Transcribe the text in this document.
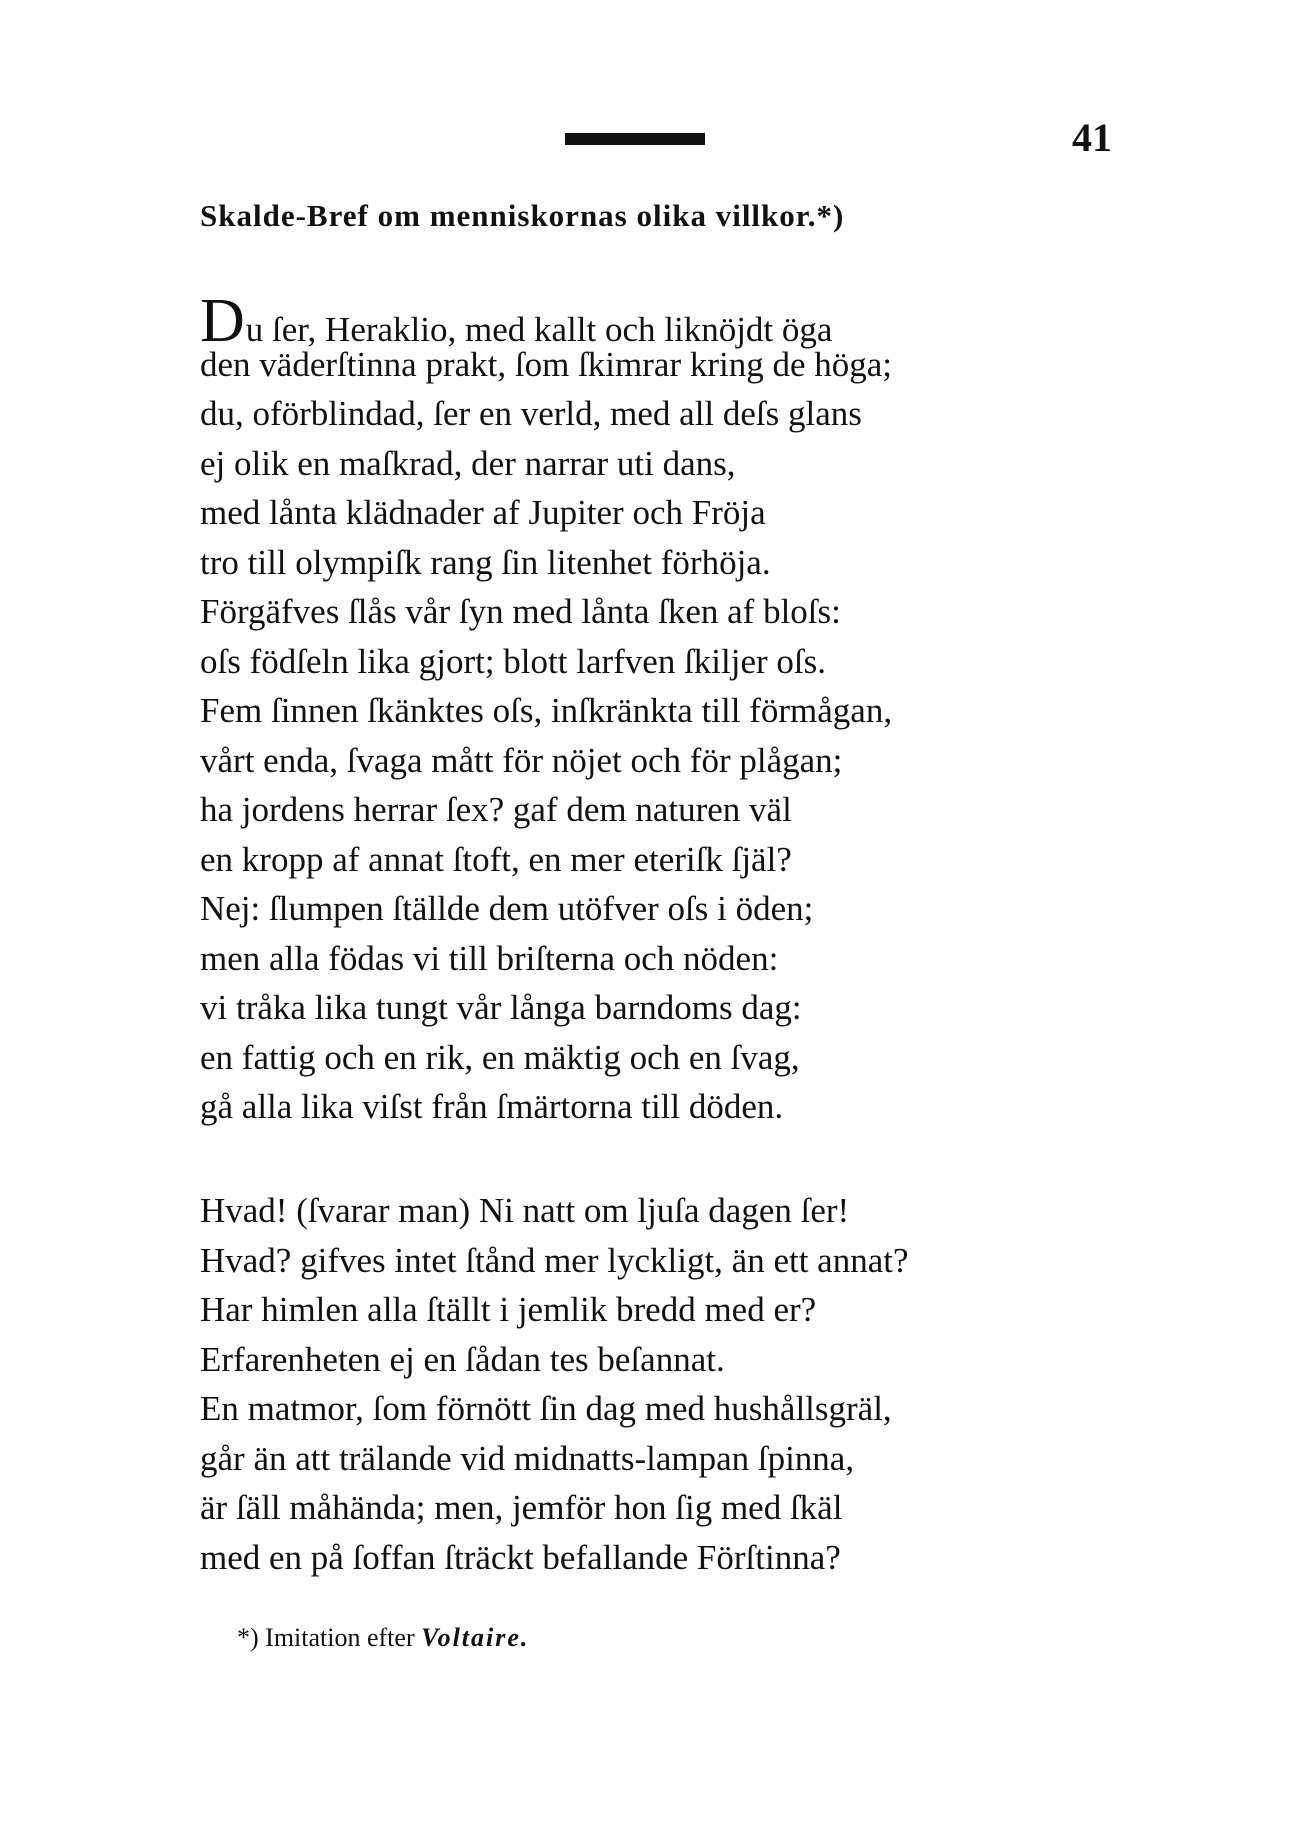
41
Skalde-Bref om menniskornas olika villkor.*)
Du ſer, Heraklio, med kallt och liknöjdt öga
den väderſtinna prakt, ſom ſkimrar kring de höga;
du, oförblindad, ſer en verld, med all deſs glans
ej olik en maſkrad, der narrar uti dans,
med lånta klädnader af Jupiter och Fröja
tro till olympiſk rang ſin litenhet förhöja.
Förgäfves ſlås vår ſyn med lånta ſken af bloſs:
oſs födſeln lika gjort; blott larfven ſkiljer oſs.
Fem ſinnen ſkänktes oſs, inſkränkta till förmågan,
vårt enda, ſvaga mått för nöjet och för plågan;
ha jordens herrar ſex? gaf dem naturen väl
en kropp af annat ſtoft, en mer eteriſk ſjäl?
Nej: ſlumpen ſtällde dem utöfver oſs i öden;
men alla födas vi till briſterna och nöden:
vi tråka lika tungt vår långa barndoms dag:
en fattig och en rik, en mäktig och en ſvag,
gå alla lika viſst från ſmärtorna till döden.
Hvad! (ſvarar man) Ni natt om ljuſa dagen ſer!
Hvad? gifves intet ſtånd mer lyckligt, än ett annat?
Har himlen alla ſtällt i jemlik bredd med er?
Erfarenheten ej en ſådan tes beſannat.
En matmor, ſom förnött ſin dag med hushållsgräl,
går än att trälande vid midnatts-lampan ſpinna,
är ſäll måhända; men, jemför hon ſig med ſkäl
med en på ſoffan ſträckt befallande Förſtinna?
*) Imitation efter Voltaire.
